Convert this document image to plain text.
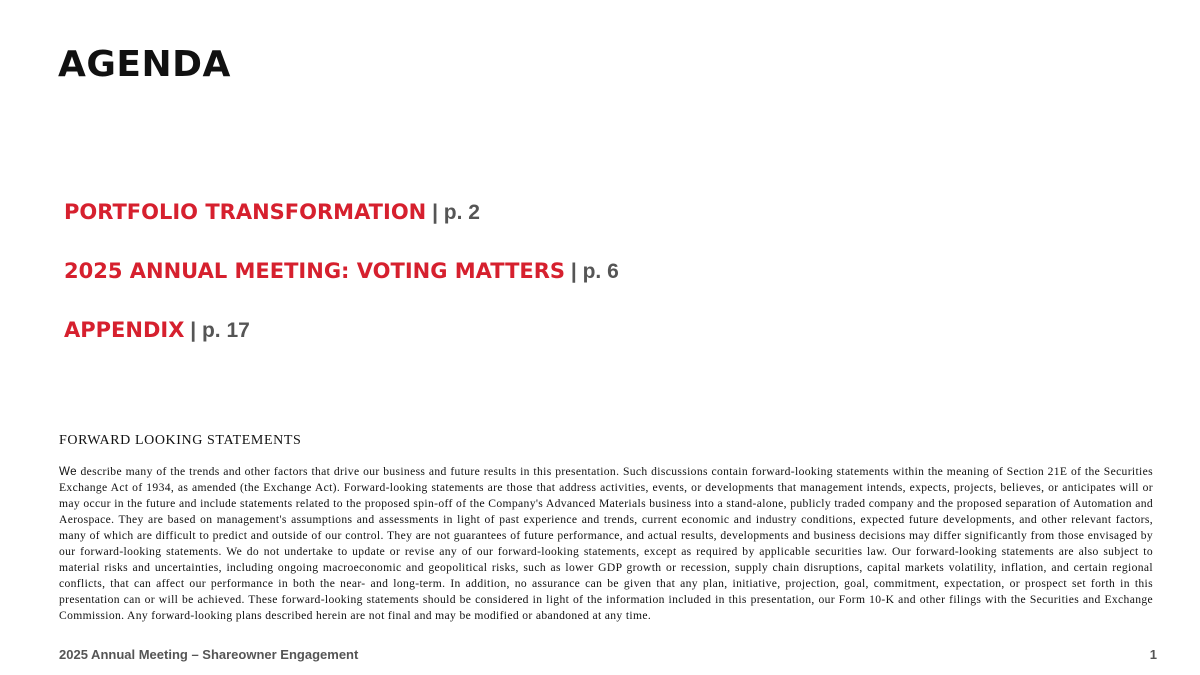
AGENDA
PORTFOLIO TRANSFORMATION | p. 2
2025 ANNUAL MEETING: VOTING MATTERS | p. 6
APPENDIX | p. 17
FORWARD LOOKING STATEMENTS

We describe many of the trends and other factors that drive our business and future results in this presentation. Such discussions contain forward-looking statements within the meaning of Section 21E of the Securities Exchange Act of 1934, as amended (the Exchange Act). Forward-looking statements are those that address activities, events, or developments that management intends, expects, projects, believes, or anticipates will or may occur in the future and include statements related to the proposed spin-off of the Company's Advanced Materials business into a stand-alone, publicly traded company and the proposed separation of Automation and Aerospace. They are based on management's assumptions and assessments in light of past experience and trends, current economic and industry conditions, expected future developments, and other relevant factors, many of which are difficult to predict and outside of our control. They are not guarantees of future performance, and actual results, developments and business decisions may differ significantly from those envisaged by our forward-looking statements. We do not undertake to update or revise any of our forward-looking statements, except as required by applicable securities law. Our forward-looking statements are also subject to material risks and uncertainties, including ongoing macroeconomic and geopolitical risks, such as lower GDP growth or recession, supply chain disruptions, capital markets volatility, inflation, and certain regional conflicts, that can affect our performance in both the near- and long-term. In addition, no assurance can be given that any plan, initiative, projection, goal, commitment, expectation, or prospect set forth in this presentation can or will be achieved. These forward-looking statements should be considered in light of the information included in this presentation, our Form 10-K and other filings with the Securities and Exchange Commission. Any forward-looking plans described herein are not final and may be modified or abandoned at any time.

2025 Annual Meeting – Shareowner Engagement	1
